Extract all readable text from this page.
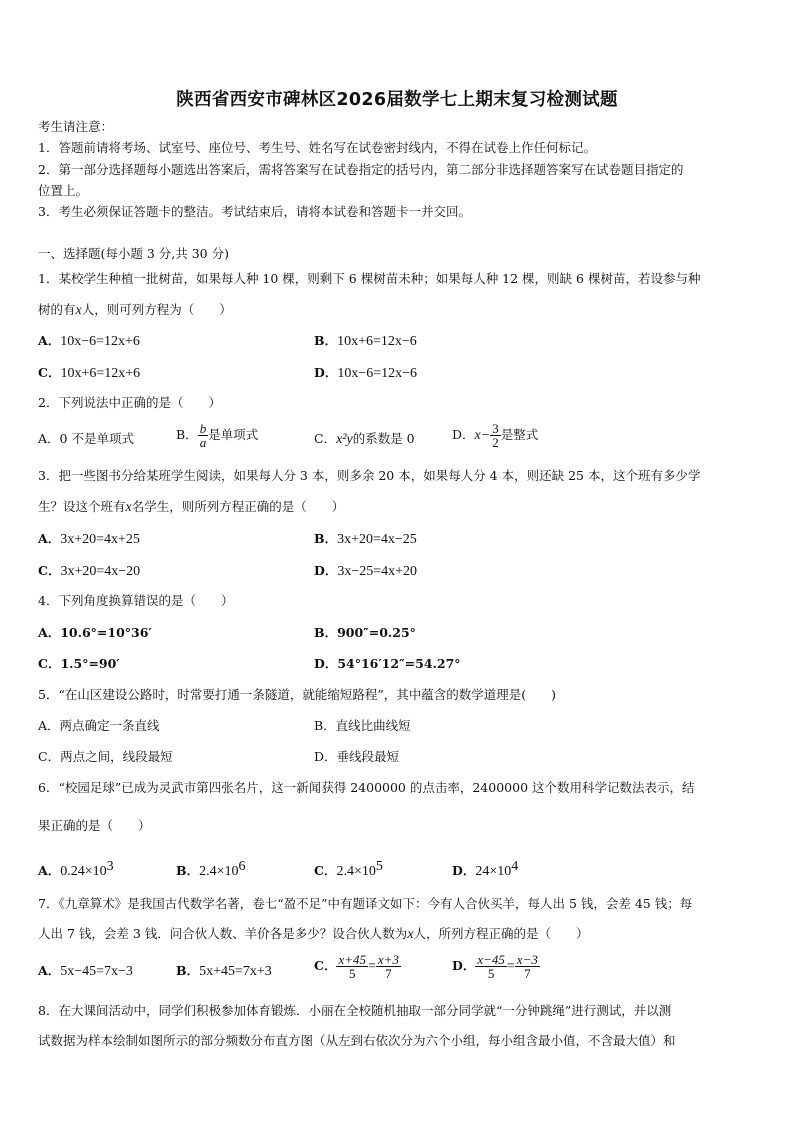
陕西省西安市碑林区2026届数学七上期末复习检测试题
考生请注意：
1．答题前请将考场、试室号、座位号、考生号、姓名写在试卷密封线内，不得在试卷上作任何标记。
2．第一部分选择题每小题选出答案后，需将答案写在试卷指定的括号内，第二部分非选择题答案写在试卷题目指定的
位置上。
3．考生必须保证答题卡的整洁。考试结束后，请将本试卷和答题卡一并交回。
一、选择题(每小题 3 分,共 30 分)
1．某校学生种植一批树苗，如果每人种 10 棵，则剩下 6 棵树苗未种；如果每人种 12 棵，则缺 6 棵树苗，若设参与种
树的有x人，则可列方程为（　　）
A．10x−6=12x+6	B．10x+6=12x−6
C．10x+6=12x+6	D．10x−6=12x−6
2．下列说法中正确的是（　　）
A．0 不是单项式	B． $\frac{b}{a}$ 是单项式	C．x²y的系数是 0	D．$x- \frac{3}{2}$ 是整式
3．把一些图书分给某班学生阅读，如果每人分 3 本，则多余 20 本，如果每人分 4 本，则还缺 25 本，这个班有多少学
生？设这个班有x名学生，则所列方程正确的是（　　）
A．3x+20=4x+25	B．3x+20=4x−25
C．3x+20=4x−20	D．3x−25=4x+20
4．下列角度换算错误的是（　　）
A．10.6°=10°36′	B．900″=0.25°
C．1.5°=90′	D．54°16′12″=54.27°
5．“在山区建设公路时，时常要打通一条隧道，就能缩短路程”，其中蕴含的数学道理是(　　)
A．两点确定一条直线	B．直线比曲线短
C．两点之间，线段最短	D．垂线段最短
6．“校园足球”已成为灵武市第四张名片，这一新闻获得 2400000 的点击率，2400000 这个数用科学记数法表示，结
果正确的是（　　）
A．$0.24\times 10^3$	B．$2.4\times 10^6$	C．$2.4\times 10^5$	D．$24\times 10^4$
7．《九章算术》是我国古代数学名著，卷七“盈不足”中有题译文如下：今有人合伙买羊，每人出 5 钱，会差 45 钱；每
人出 7 钱，会差 3 钱．问合伙人数、羊价各是多少？设合伙人数为x人，所列方程正确的是（　　）
A．5x−45=7x−3	B．5x+45=7x+3	C． $\frac{x+45}{5} = \frac{x+3}{7}$	D． $\frac{x-45}{5} = \frac{x-3}{7}$
8．在大课间活动中，同学们积极参加体育锻炼．小丽在全校随机抽取一部分同学就“一分钟跳绳”进行测试，并以测
试数据为样本绘制如图所示的部分频数分布直方图（从左到右依次分为六个小组，每小组含最小值，不含最大值）和
